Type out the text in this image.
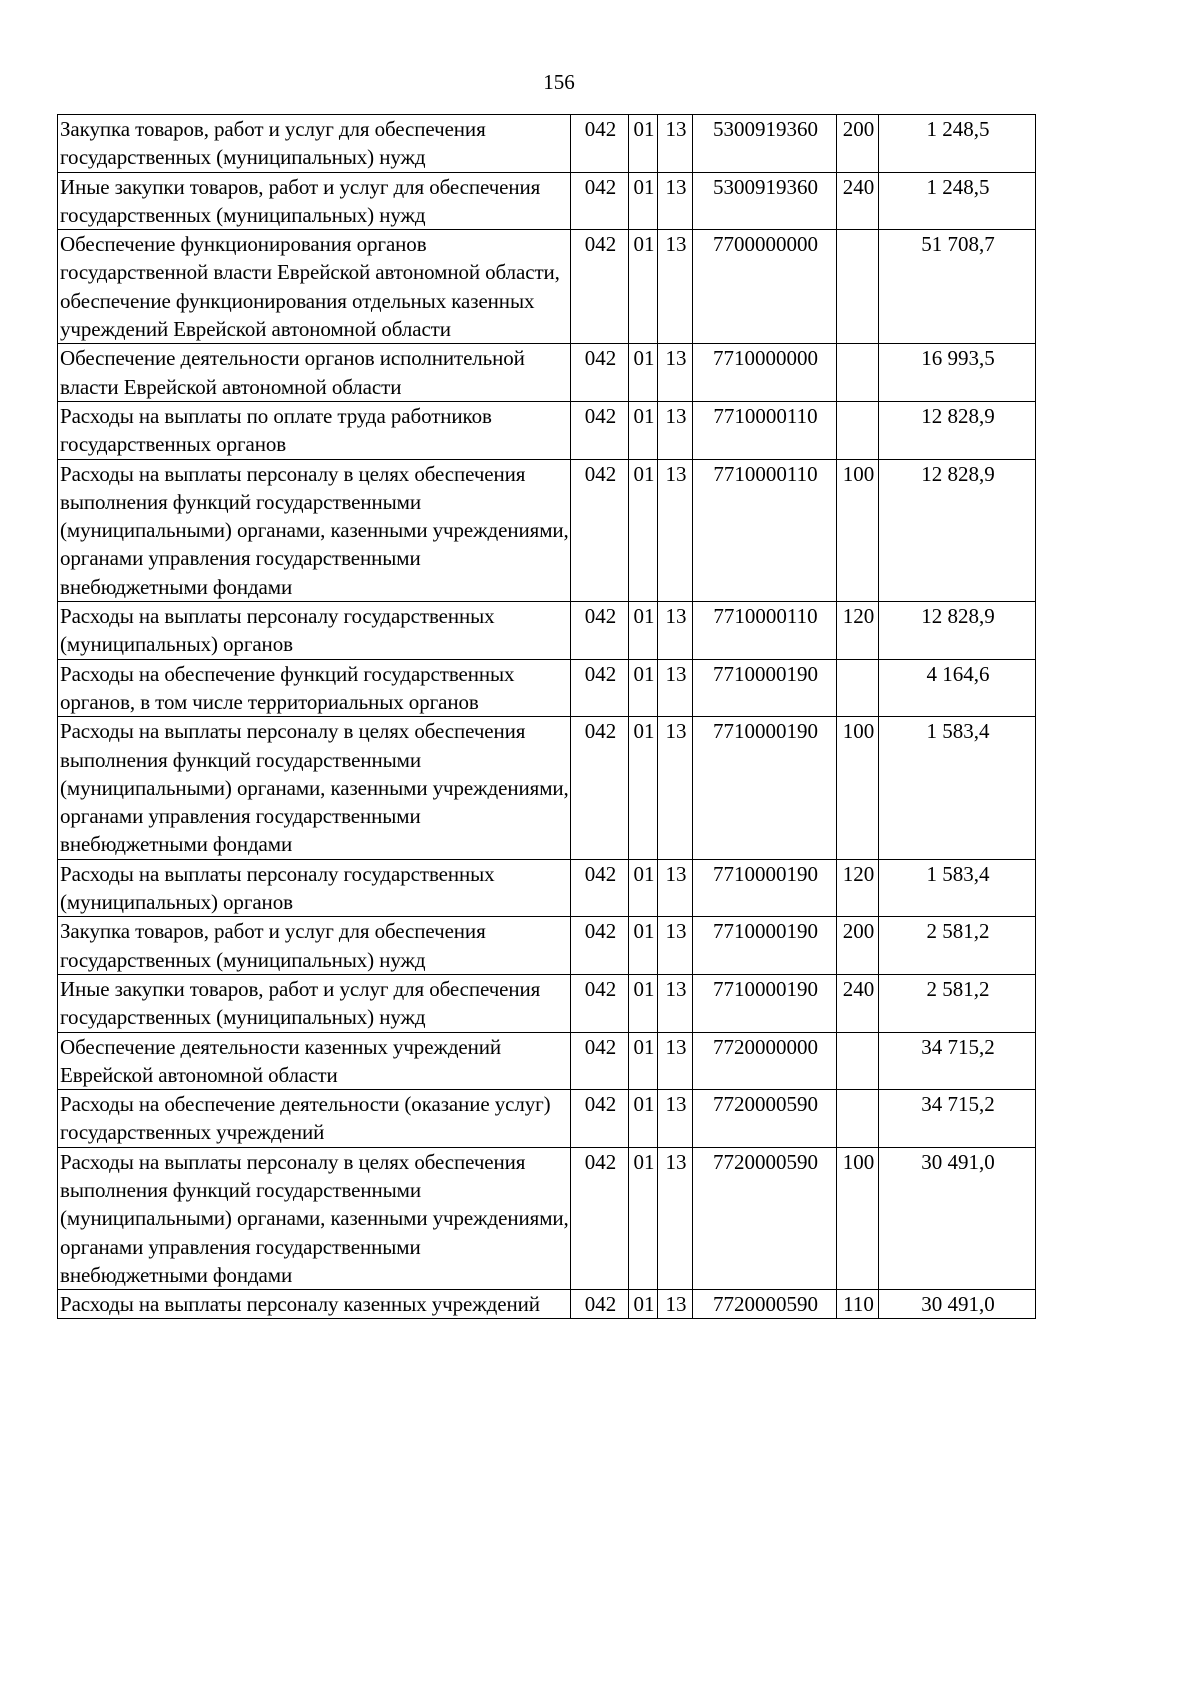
156
Закупка товаров, работ и услуг для обеспечения государственных (муниципальных) нужд	042	01	13	5300919360	200	1 248,5
Иные закупки товаров, работ и услуг для обеспечения государственных (муниципальных) нужд	042	01	13	5300919360	240	1 248,5
Обеспечение функционирования органов государственной власти Еврейской автономной области, обеспечение функционирования отдельных казенных учреждений Еврейской автономной области	042	01	13	7700000000		51 708,7
Обеспечение деятельности органов исполнительной власти Еврейской автономной области	042	01	13	7710000000		16 993,5
Расходы на выплаты по оплате труда работников государственных органов	042	01	13	7710000110		12 828,9
Расходы на выплаты персоналу в целях обеспечения выполнения функций государственными (муниципальными) органами, казенными учреждениями, органами управления государственными внебюджетными фондами	042	01	13	7710000110	100	12 828,9
Расходы на выплаты персоналу государственных (муниципальных) органов	042	01	13	7710000110	120	12 828,9
Расходы на обеспечение функций государственных органов, в том числе территориальных органов	042	01	13	7710000190		4 164,6
Расходы на выплаты персоналу в целях обеспечения выполнения функций государственными (муниципальными) органами, казенными учреждениями, органами управления государственными внебюджетными фондами	042	01	13	7710000190	100	1 583,4
Расходы на выплаты персоналу государственных (муниципальных) органов	042	01	13	7710000190	120	1 583,4
Закупка товаров, работ и услуг для обеспечения государственных (муниципальных) нужд	042	01	13	7710000190	200	2 581,2
Иные закупки товаров, работ и услуг для обеспечения государственных (муниципальных) нужд	042	01	13	7710000190	240	2 581,2
Обеспечение деятельности казенных учреждений Еврейской автономной области	042	01	13	7720000000		34 715,2
Расходы на обеспечение деятельности (оказание услуг) государственных учреждений	042	01	13	7720000590		34 715,2
Расходы на выплаты персоналу в целях обеспечения выполнения функций государственными (муниципальными) органами, казенными учреждениями, органами управления государственными внебюджетными фондами	042	01	13	7720000590	100	30 491,0
Расходы на выплаты персоналу казенных учреждений	042	01	13	7720000590	110	30 491,0
